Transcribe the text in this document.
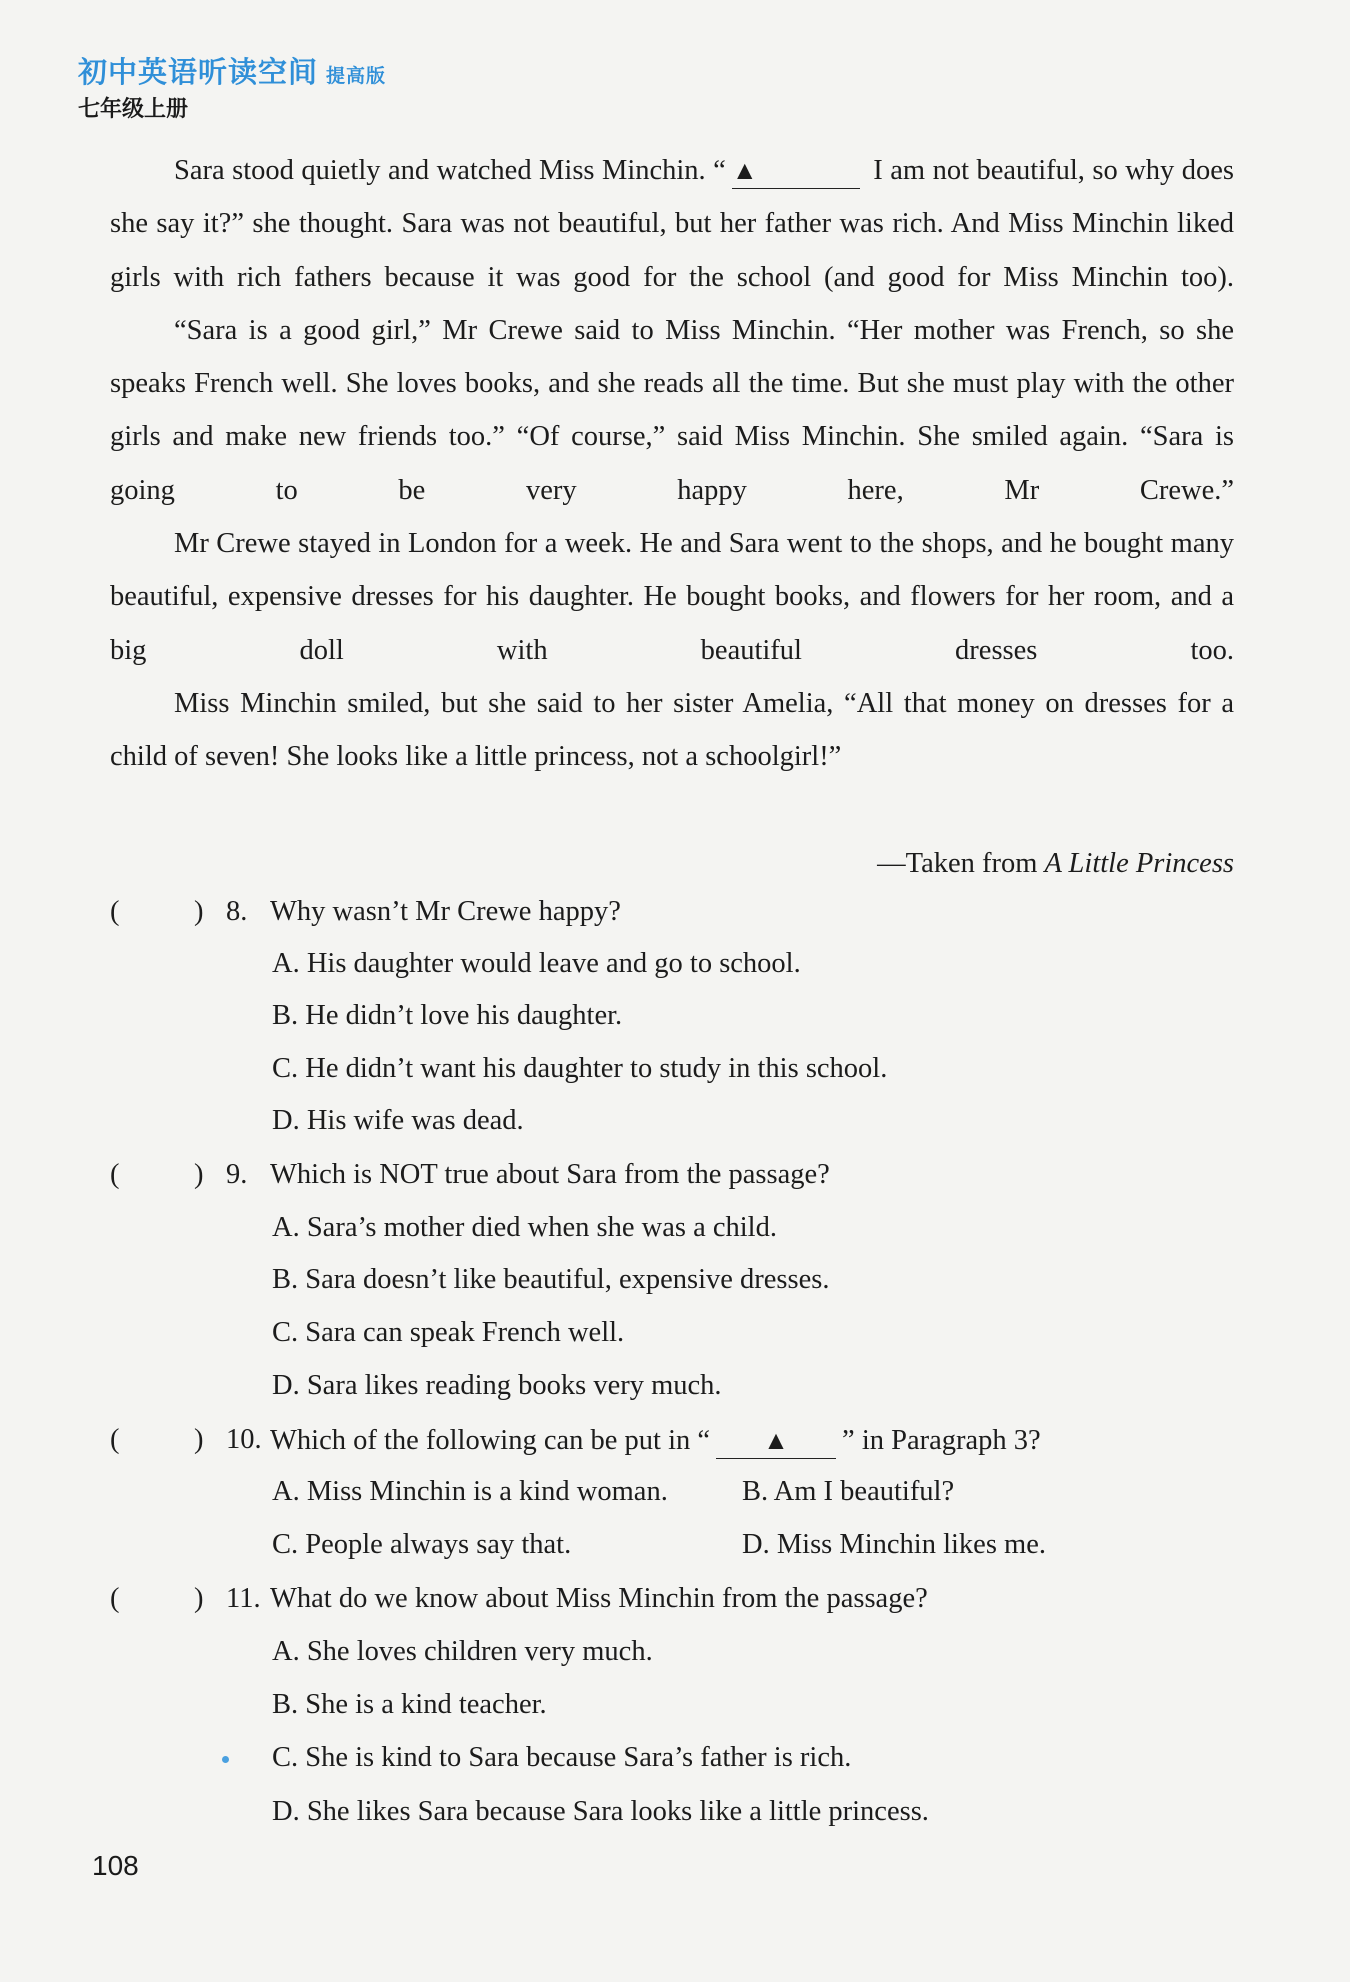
初中英语听读空间 提高版
七年级上册

Sara stood quietly and watched Miss Minchin. “ ▲	I am not beautiful, so why does she say it?” she thought. Sara was not beautiful, but her father was rich. And Miss Minchin liked girls with rich fathers because it was good for the school (and good for Miss Minchin too).

“Sara is a good girl,” Mr Crewe said to Miss Minchin. “Her mother was French, so she speaks French well. She loves books, and she reads all the time. But she must play with the other girls and make new friends too.” “Of course,” said Miss Minchin. She smiled again. “Sara is going to be very happy here, Mr Crewe.”

Mr Crewe stayed in London for a week. He and Sara went to the shops, and he bought many beautiful, expensive dresses for his daughter. He bought books, and flowers for her room, and a big doll with beautiful dresses too.

Miss Minchin smiled, but she said to her sister Amelia, “All that money on dresses for a child of seven! She looks like a little princess, not a schoolgirl!”

—Taken from A Little Princess
(	) 8. Why wasn’t Mr Crewe happy?
A. His daughter would leave and go to school.
B. He didn’t love his daughter.
C. He didn’t want his daughter to study in this school.
D. His wife was dead.
(	) 9. Which is NOT true about Sara from the passage?
A. Sara’s mother died when she was a child.
B. Sara doesn’t like beautiful, expensive dresses.
C. Sara can speak French well.
D. Sara likes reading books very much.
(	) 10. Which of the following can be put in “ ▲ ” in Paragraph 3?
A. Miss Minchin is a kind woman.	B. Am I beautiful?
C. People always say that.	D. Miss Minchin likes me.
(	) 11. What do we know about Miss Minchin from the passage?
A. She loves children very much.
B. She is a kind teacher.
C. She is kind to Sara because Sara’s father is rich.
D. She likes Sara because Sara looks like a little princess.
108
